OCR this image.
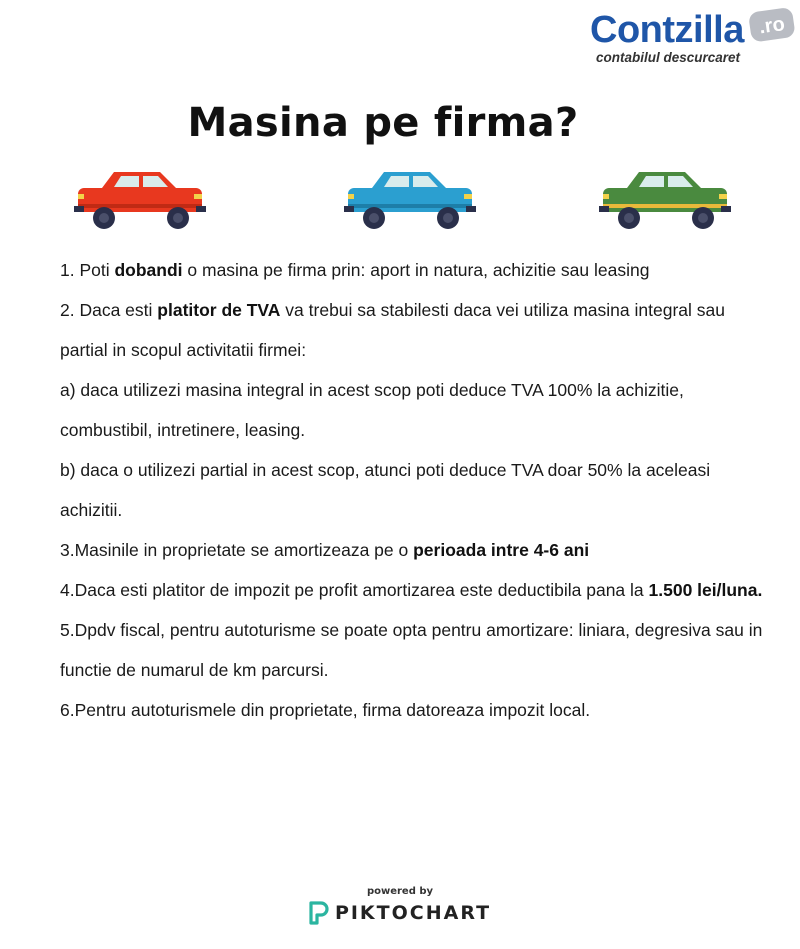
Contzilla .ro
contabilul descurcaret
Masina pe firma?

1. Poti dobandi o masina pe firma prin: aport in natura, achizitie sau leasing

2. Daca esti platitor de TVA va trebui sa stabilesti daca vei utiliza masina integral sau partial in scopul activitatii firmei:

a) daca utilizezi masina integral in acest scop poti deduce TVA 100% la achizitie, combustibil, intretinere, leasing.

b) daca o utilizezi partial in acest scop, atunci poti deduce TVA doar 50% la aceleasi achizitii.

3.Masinile in proprietate se amortizeaza pe o perioada intre 4-6 ani

4.Daca esti platitor de impozit pe profit amortizarea este deductibila pana la 1.500 lei/luna.

5.Dpdv fiscal, pentru autoturisme se poate opta pentru amortizare: liniara, degresiva sau in functie de numarul de km parcursi.

6.Pentru autoturismele din proprietate, firma datoreaza impozit local.

powered by
PIKTOCHART
